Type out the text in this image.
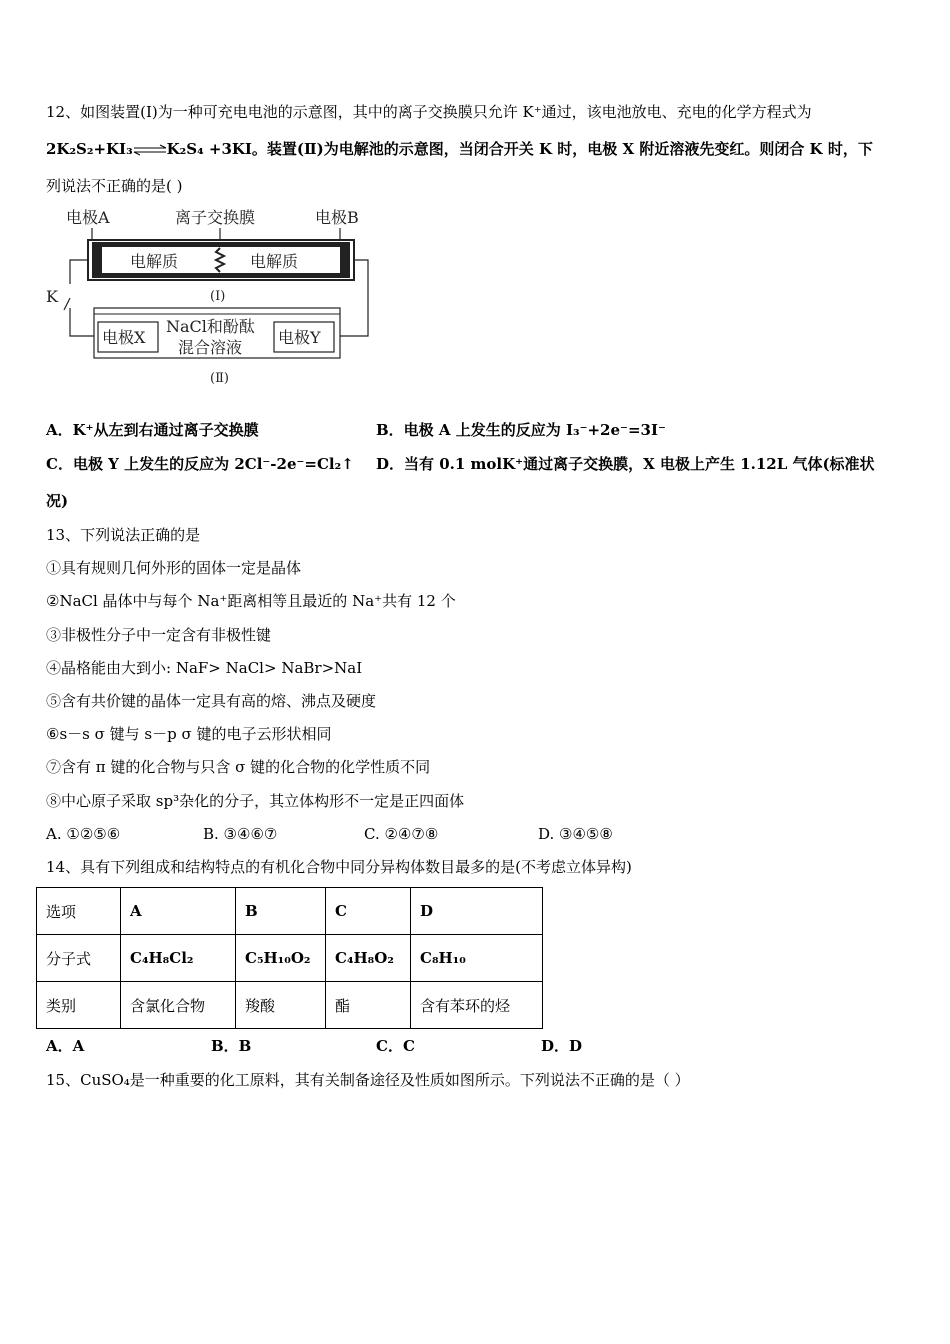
12、如图装置(Ⅰ)为一种可充电电池的示意图，其中的离子交换膜只允许 K⁺通过，该电池放电、充电的化学方程式为
2K₂S₂+KI₃⇌K₂S₄ +3KI。装置(Ⅱ)为电解池的示意图，当闭合开关 K 时，电极 X 附近溶液先变红。则闭合 K 时，下
列说法不正确的是( )
电极A	离子交换膜	电极B
电解质	电解质
(Ⅰ)
K
电极X	电极Y
NaCl和酚酞
混合溶液
(Ⅱ)
A．K⁺从左到右通过离子交换膜	B．电极 A 上发生的反应为 I₃⁻+2e⁻=3I⁻
C．电极 Y 上发生的反应为 2Cl⁻-2e⁻=Cl₂↑ D．当有 0.1 molK⁺通过离子交换膜，X 电极上产生 1.12L 气体(标准状
况)
13、下列说法正确的是
①具有规则几何外形的固体一定是晶体
②NaCl 晶体中与每个 Na⁺距离相等且最近的 Na⁺共有 12 个
③非极性分子中一定含有非极性键
④晶格能由大到小: NaF> NaCl> NaBr>NaI
⑤含有共价键的晶体一定具有高的熔、沸点及硬度
⑥s－s σ 键与 s－p σ 键的电子云形状相同
⑦含有 π 键的化合物与只含 σ 键的化合物的化学性质不同
⑧中心原子采取 sp³杂化的分子，其立体构形不一定是正四面体
A. ①②⑤⑥	B. ③④⑥⑦	C. ②④⑦⑧	D. ③④⑤⑧
14、具有下列组成和结构特点的有机化合物中同分异构体数目最多的是(不考虑立体异构)
选项	A	B	C	D
分子式	C₄H₈Cl₂	C₅H₁₀O₂	C₄H₈O₂	C₈H₁₀
类别	含氯化合物	羧酸	酯	含有苯环的烃
A．A	B．B	C．C	D．D
15、CuSO₄是一种重要的化工原料，其有关制备途径及性质如图所示。下列说法不正确的是（ ）
